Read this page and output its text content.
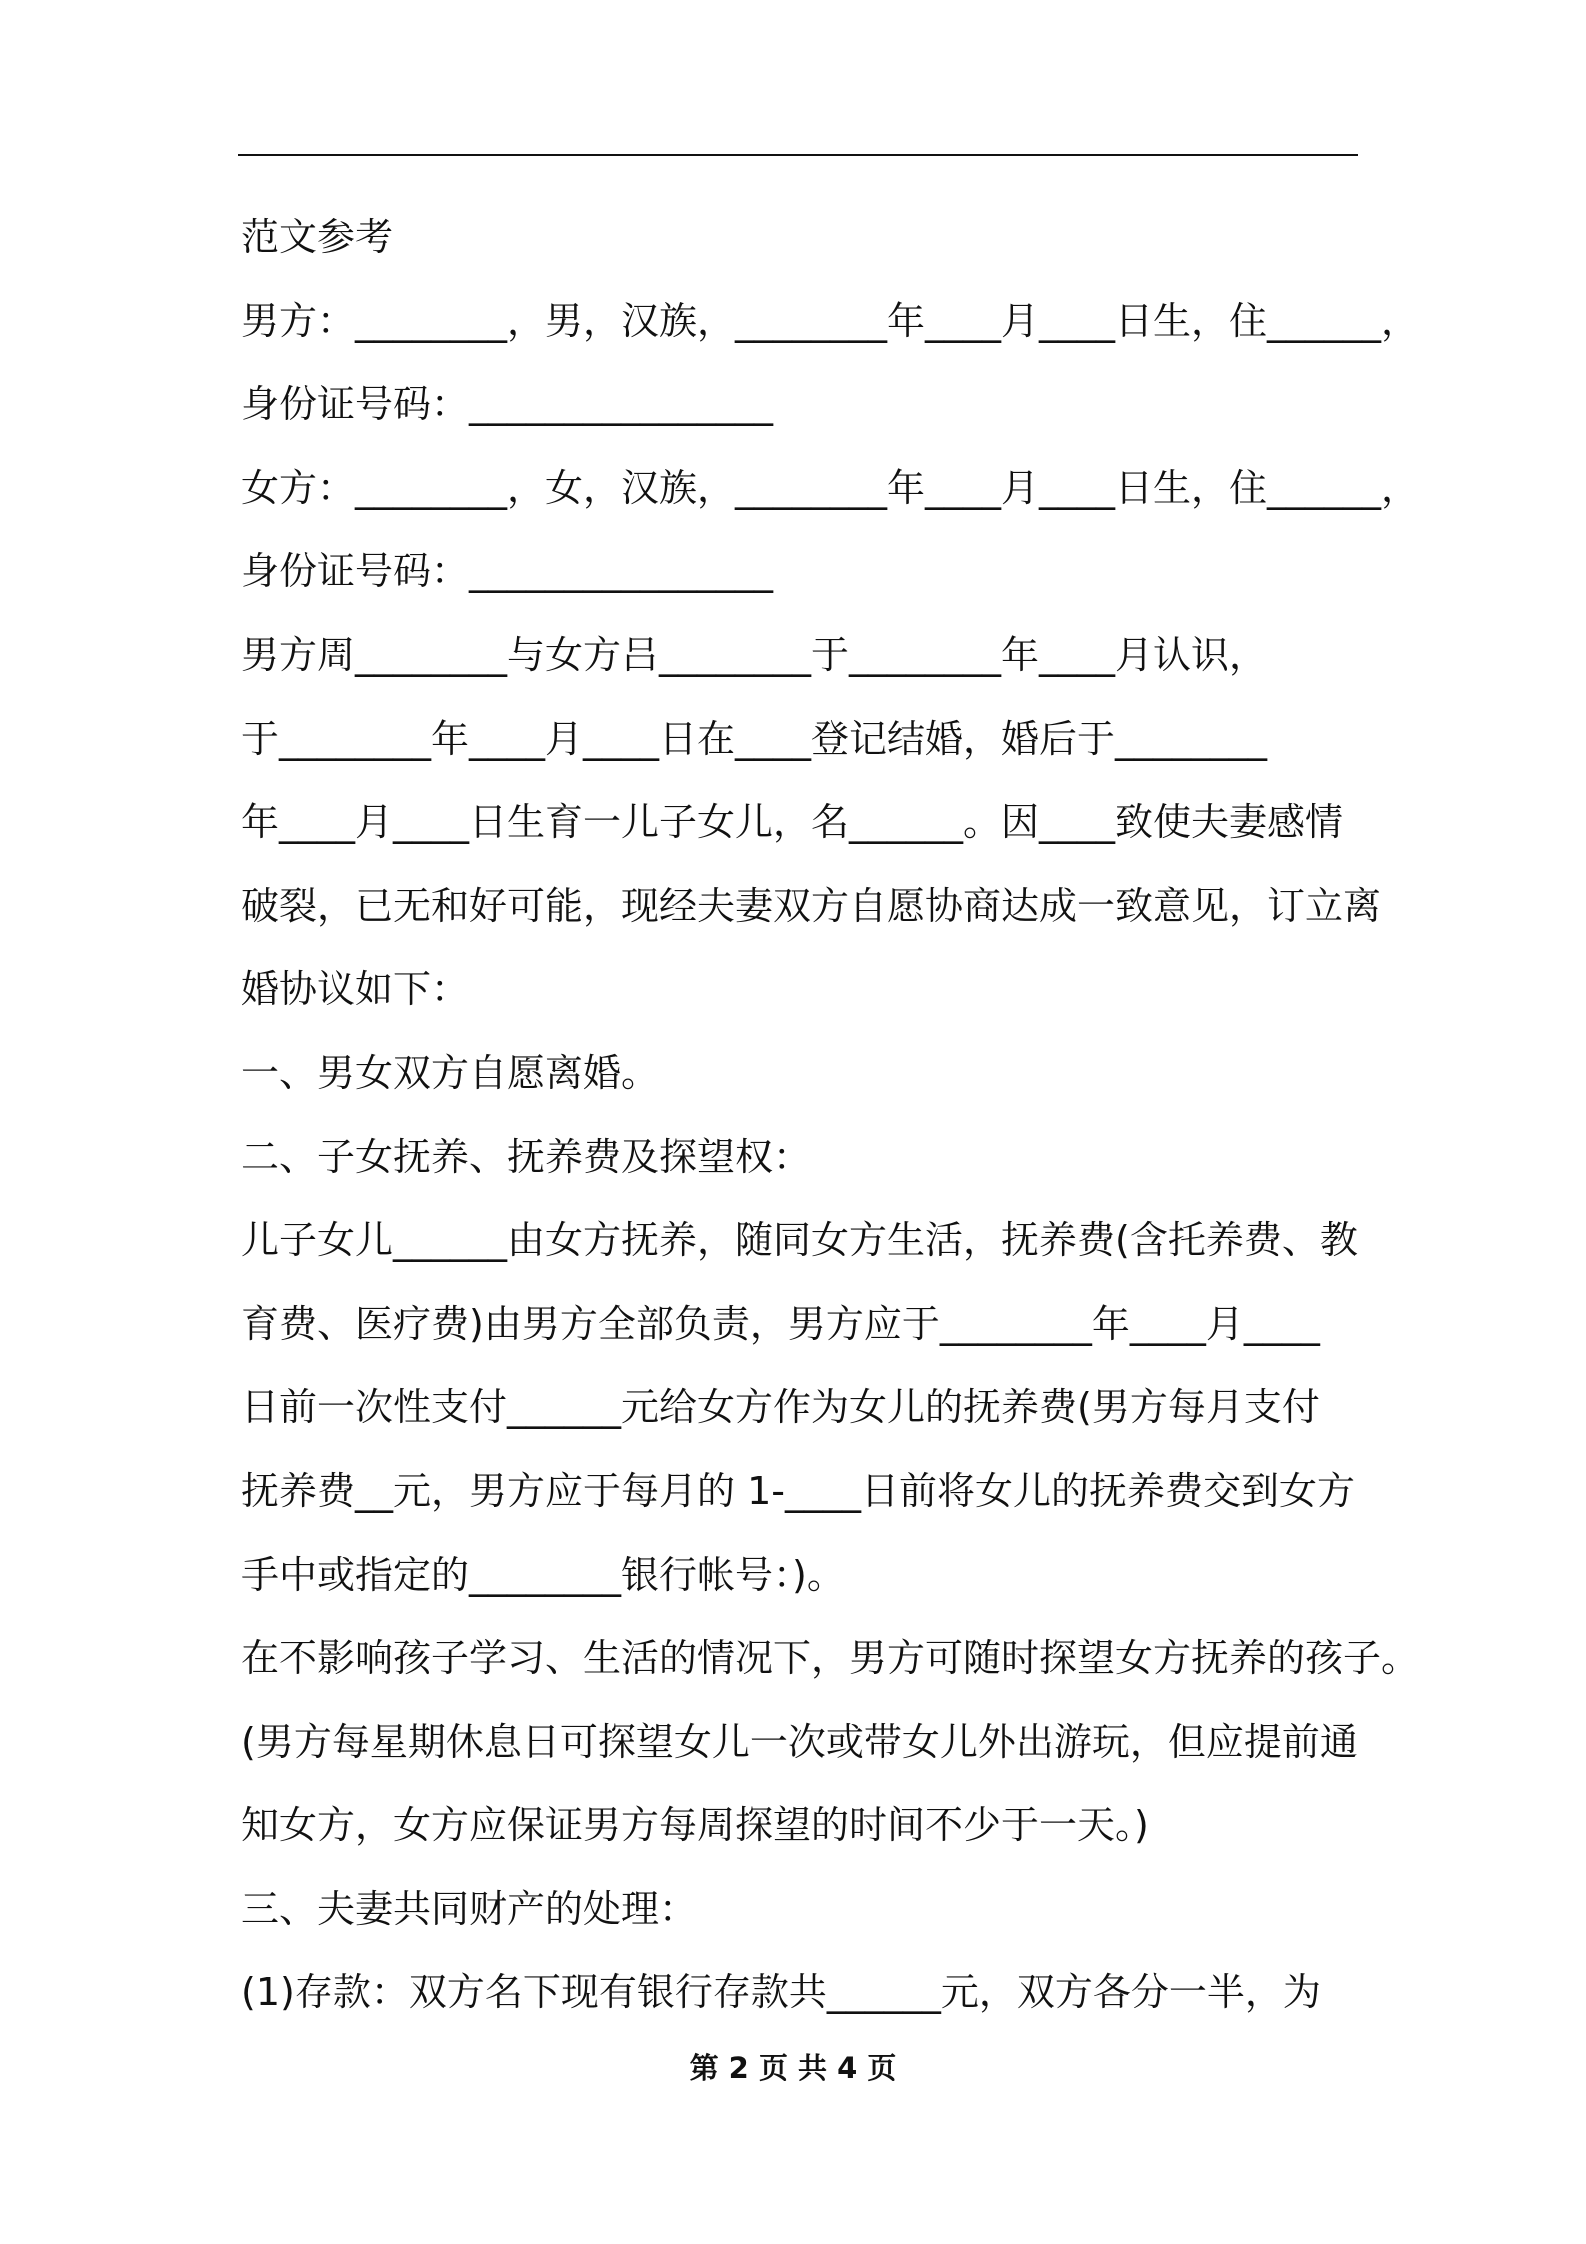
范文参考
男方：________，男，汉族，________年____月____日生，住______，
身份证号码：________________
女方：________，女，汉族，________年____月____日生，住______，
身份证号码：________________
男方周________与女方吕________于________年____月认识，
于________年____月____日在____登记结婚，婚后于________
年____月____日生育一儿子女儿，名______。因____致使夫妻感情
破裂，已无和好可能，现经夫妻双方自愿协商达成一致意见，订立离
婚协议如下：
一、男女双方自愿离婚。
二、子女抚养、抚养费及探望权：
儿子女儿______由女方抚养，随同女方生活，抚养费(含托养费、教
育费、医疗费)由男方全部负责，男方应于________年____月____
日前一次性支付______元给女方作为女儿的抚养费(男方每月支付
抚养费__元，男方应于每月的 1-____日前将女儿的抚养费交到女方
手中或指定的________银行帐号：)。
在不影响孩子学习、生活的情况下，男方可随时探望女方抚养的孩子。
(男方每星期休息日可探望女儿一次或带女儿外出游玩，但应提前通
知女方，女方应保证男方每周探望的时间不少于一天。)
三、夫妻共同财产的处理：
(1)存款：双方名下现有银行存款共______元，双方各分一半，为
第 2 页 共 4 页
